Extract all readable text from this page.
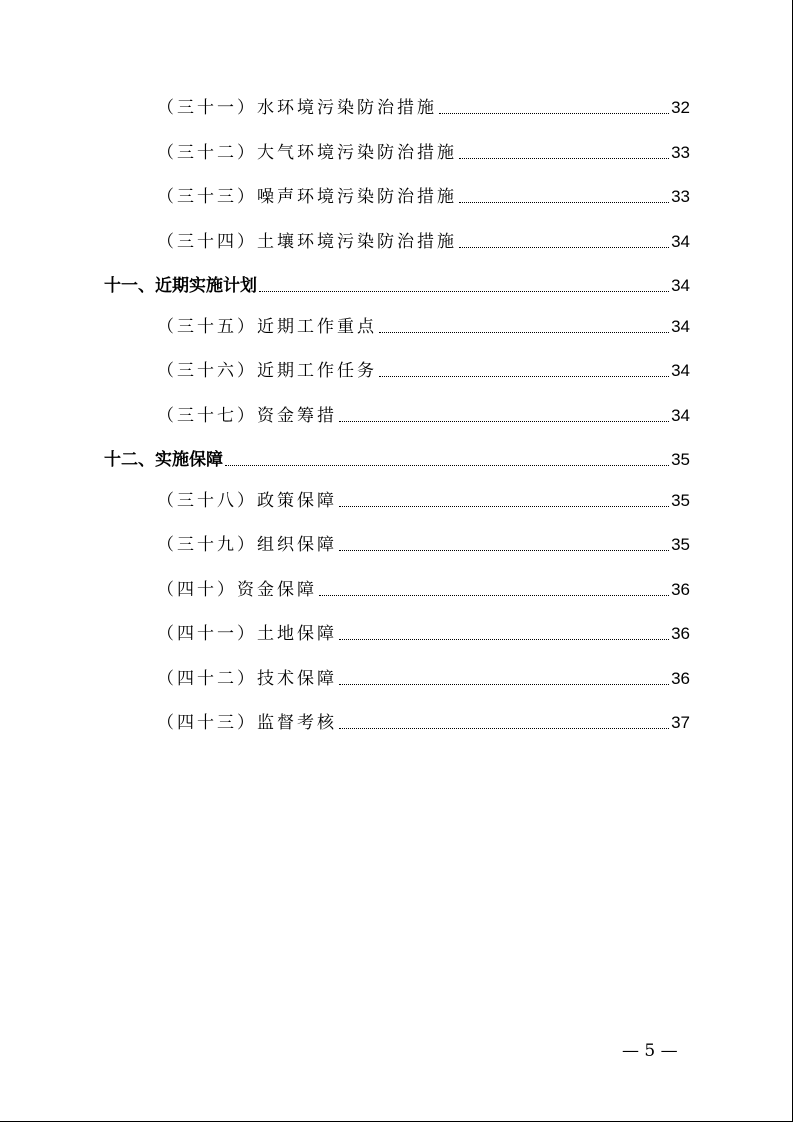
（三十一）水环境污染防治措施	32
（三十二）大气环境污染防治措施	33
（三十三）噪声环境污染防治措施	33
（三十四）土壤环境污染防治措施	34
十一、近期实施计划	34
（三十五）近期工作重点	34
（三十六）近期工作任务	34
（三十七）资金筹措	34
十二、实施保障	35
（三十八）政策保障	35
（三十九）组织保障	35
（四十）资金保障	36
（四十一）土地保障	36
（四十二）技术保障	36
（四十三）监督考核	37
— 5 —
